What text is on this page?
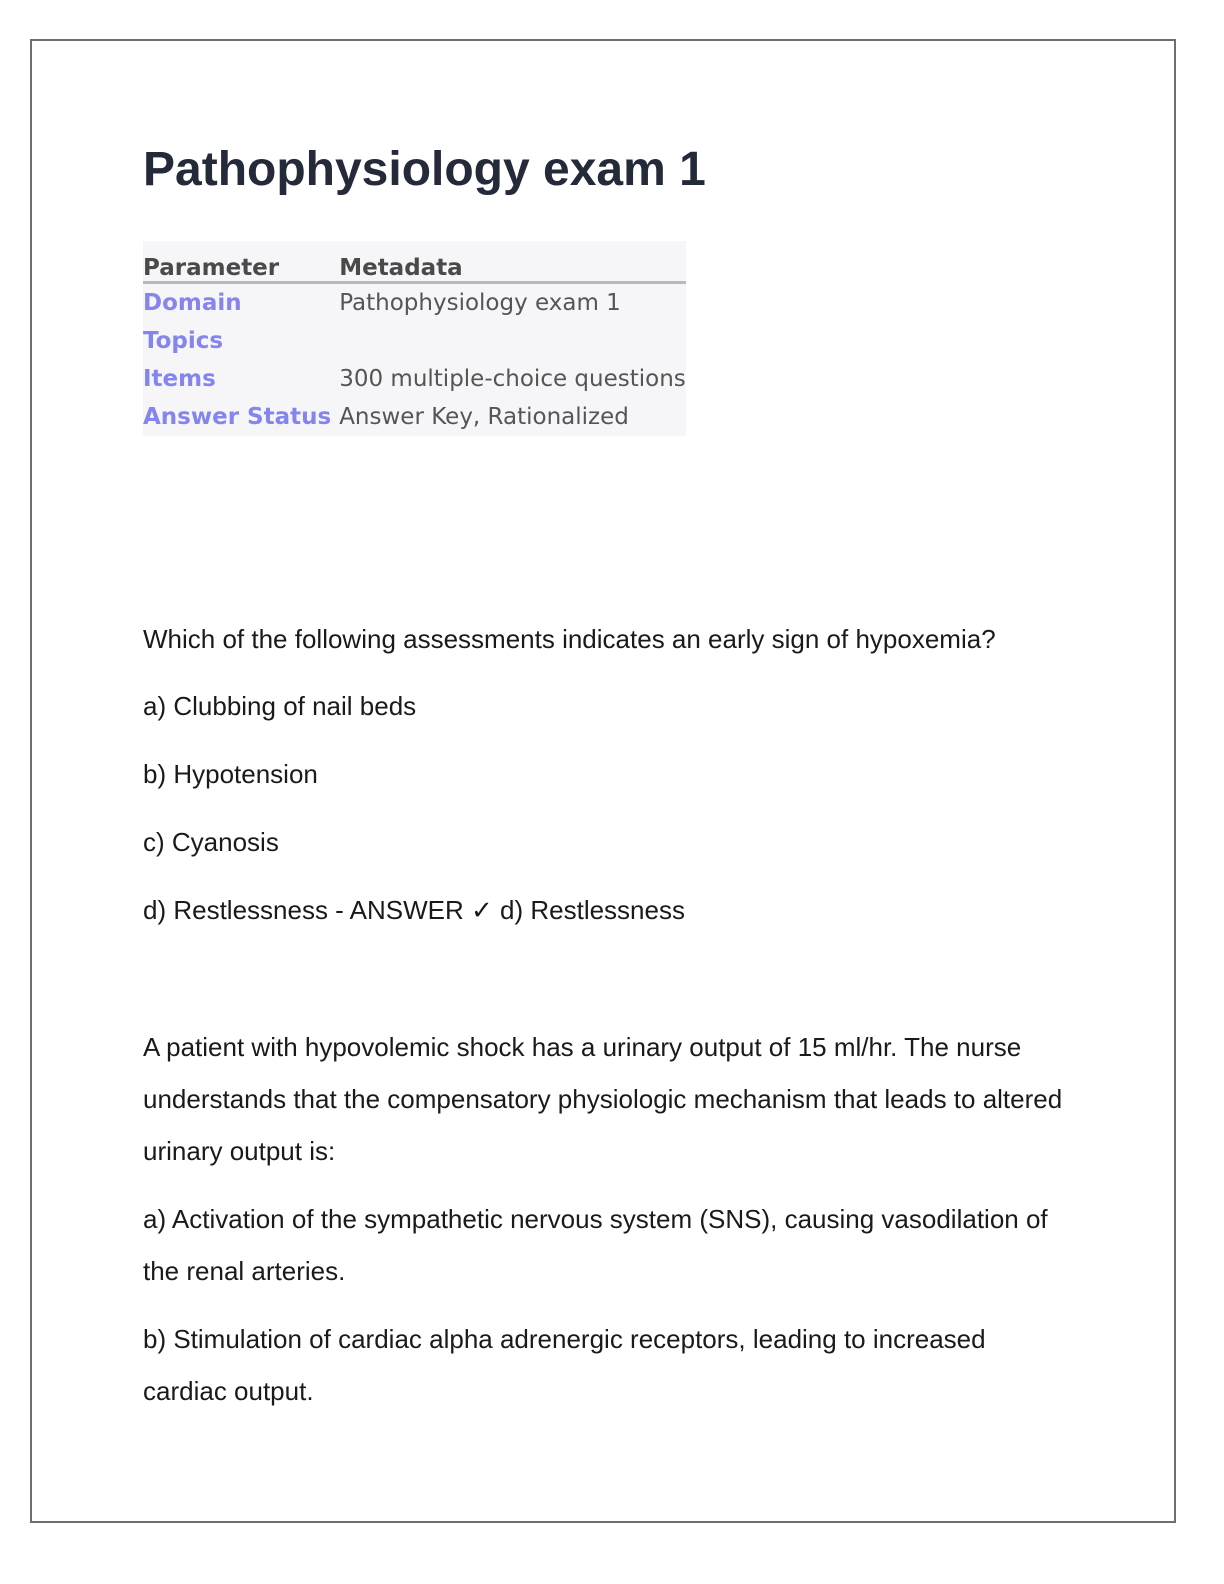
Pathophysiology exam 1
Parameter	Metadata
Domain	Pathophysiology exam 1
Topics	
Items	300 multiple-choice questions
Answer Status	Answer Key, Rationalized

Which of the following assessments indicates an early sign of hypoxemia?

a) Clubbing of nail beds

b) Hypotension

c) Cyanosis

d) Restlessness - ANSWER ✓ d) Restlessness

A patient with hypovolemic shock has a urinary output of 15 ml/hr. The nurse understands that the compensatory physiologic mechanism that leads to altered urinary output is:

a) Activation of the sympathetic nervous system (SNS), causing vasodilation of the renal arteries.

b) Stimulation of cardiac alpha adrenergic receptors, leading to increased cardiac output.
